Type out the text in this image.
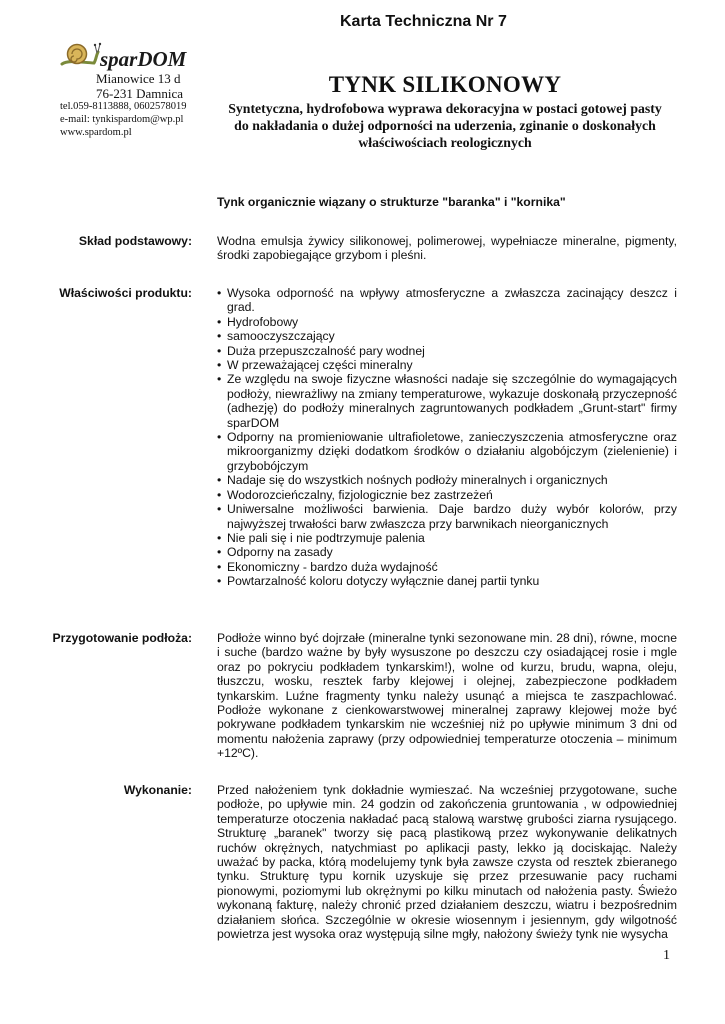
Karta Techniczna Nr 7
sparDOM
Mianowice 13 d
76-231 Damnica
tel.059-8113888, 0602578019
e-mail: tynkispardom@wp.pl
www.spardom.pl
TYNK SILIKONOWY
Syntetyczna, hydrofobowa wyprawa dekoracyjna w postaci gotowej pasty do nakładania o dużej odporności na uderzenia, zginanie o doskonałych właściwościach reologicznych
Tynk organicznie wiązany o strukturze "baranka" i "kornika"
Skład podstawowy: Wodna emulsja żywicy silikonowej, polimerowej, wypełniacze mineralne, pigmenty, środki zapobiegające grzybom i pleśni.
Właściwości produktu:
•	Wysoka odporność na wpływy atmosferyczne a zwłaszcza zacinający deszcz i grad.
• Hydrofobowy
• samooczyszczający
• Duża przepuszczalność pary wodnej
• W przeważającej części mineralny
• Ze względu na swoje fizyczne własności nadaje się szczególnie do wymagających podłoży, niewrażliwy na zmiany temperaturowe, wykazuje doskonałą przyczepność (adhezję) do podłoży mineralnych zagruntowanych podkładem „Grunt-start" firmy sparDOM
• Odporny na promieniowanie ultrafioletowe, zanieczyszczenia atmosferyczne oraz mikroorganizmy dzięki dodatkom środków o działaniu algobójczym (zielenienie) i grzybobójczym
• Nadaje się do wszystkich nośnych podłoży mineralnych i organicznych
• Wodorozcieńczalny, fizjologicznie bez zastrzeżeń
• Uniwersalne możliwości barwienia. Daje bardzo duży wybór kolorów, przy najwyższej trwałości barw zwłaszcza przy barwnikach nieorganicznych
• Nie pali się i nie podtrzymuje palenia
• Odporny na zasady
• Ekonomiczny - bardzo duża wydajność
• Powtarzalność koloru dotyczy wyłącznie danej partii tynku
Przygotowanie podłoża: Podłoże winno być dojrzałe (mineralne tynki sezonowane min. 28 dni), równe, mocne i suche (bardzo ważne by były wysuszone po deszczu czy osiadającej rosie i mgle oraz po pokryciu podkładem tynkarskim!), wolne od kurzu, brudu, wapna, oleju, tłuszczu, wosku, resztek farby klejowej i olejnej, zabezpieczone podkładem tynkarskim. Luźne fragmenty tynku należy usunąć a miejsca te zaszpachlować. Podłoże wykonane z cienkowarstwowej mineralnej zaprawy klejowej może być pokrywane podkładem tynkarskim nie wcześniej niż po upływie minimum 3 dni od momentu nałożenia zaprawy (przy odpowiedniej temperaturze otoczenia – minimum +12ºC).
Wykonanie: Przed nałożeniem tynk dokładnie wymieszać. Na wcześniej przygotowane, suche podłoże, po upływie min. 24 godzin od zakończenia gruntowania , w odpowiedniej temperaturze otoczenia nakładać pacą stalową warstwę grubości ziarna rysującego. Strukturę „baranek" tworzy się pacą plastikową przez wykonywanie delikatnych ruchów okrężnych, natychmiast po aplikacji pasty, lekko ją dociskając. Należy uważać by packa, którą modelujemy tynk była zawsze czysta od resztek zbieranego tynku. Strukturę typu kornik uzyskuje się przez przesuwanie pacy ruchami pionowymi, poziomymi lub okrężnymi po kilku minutach od nałożenia pasty. Świeżo wykonaną fakturę, należy chronić przed działaniem deszczu, wiatru i bezpośrednim działaniem słońca. Szczególnie w okresie wiosennym i jesiennym, gdy wilgotność powietrza jest wysoka oraz występują silne mgły, nałożony świeży tynk nie wysycha
1
